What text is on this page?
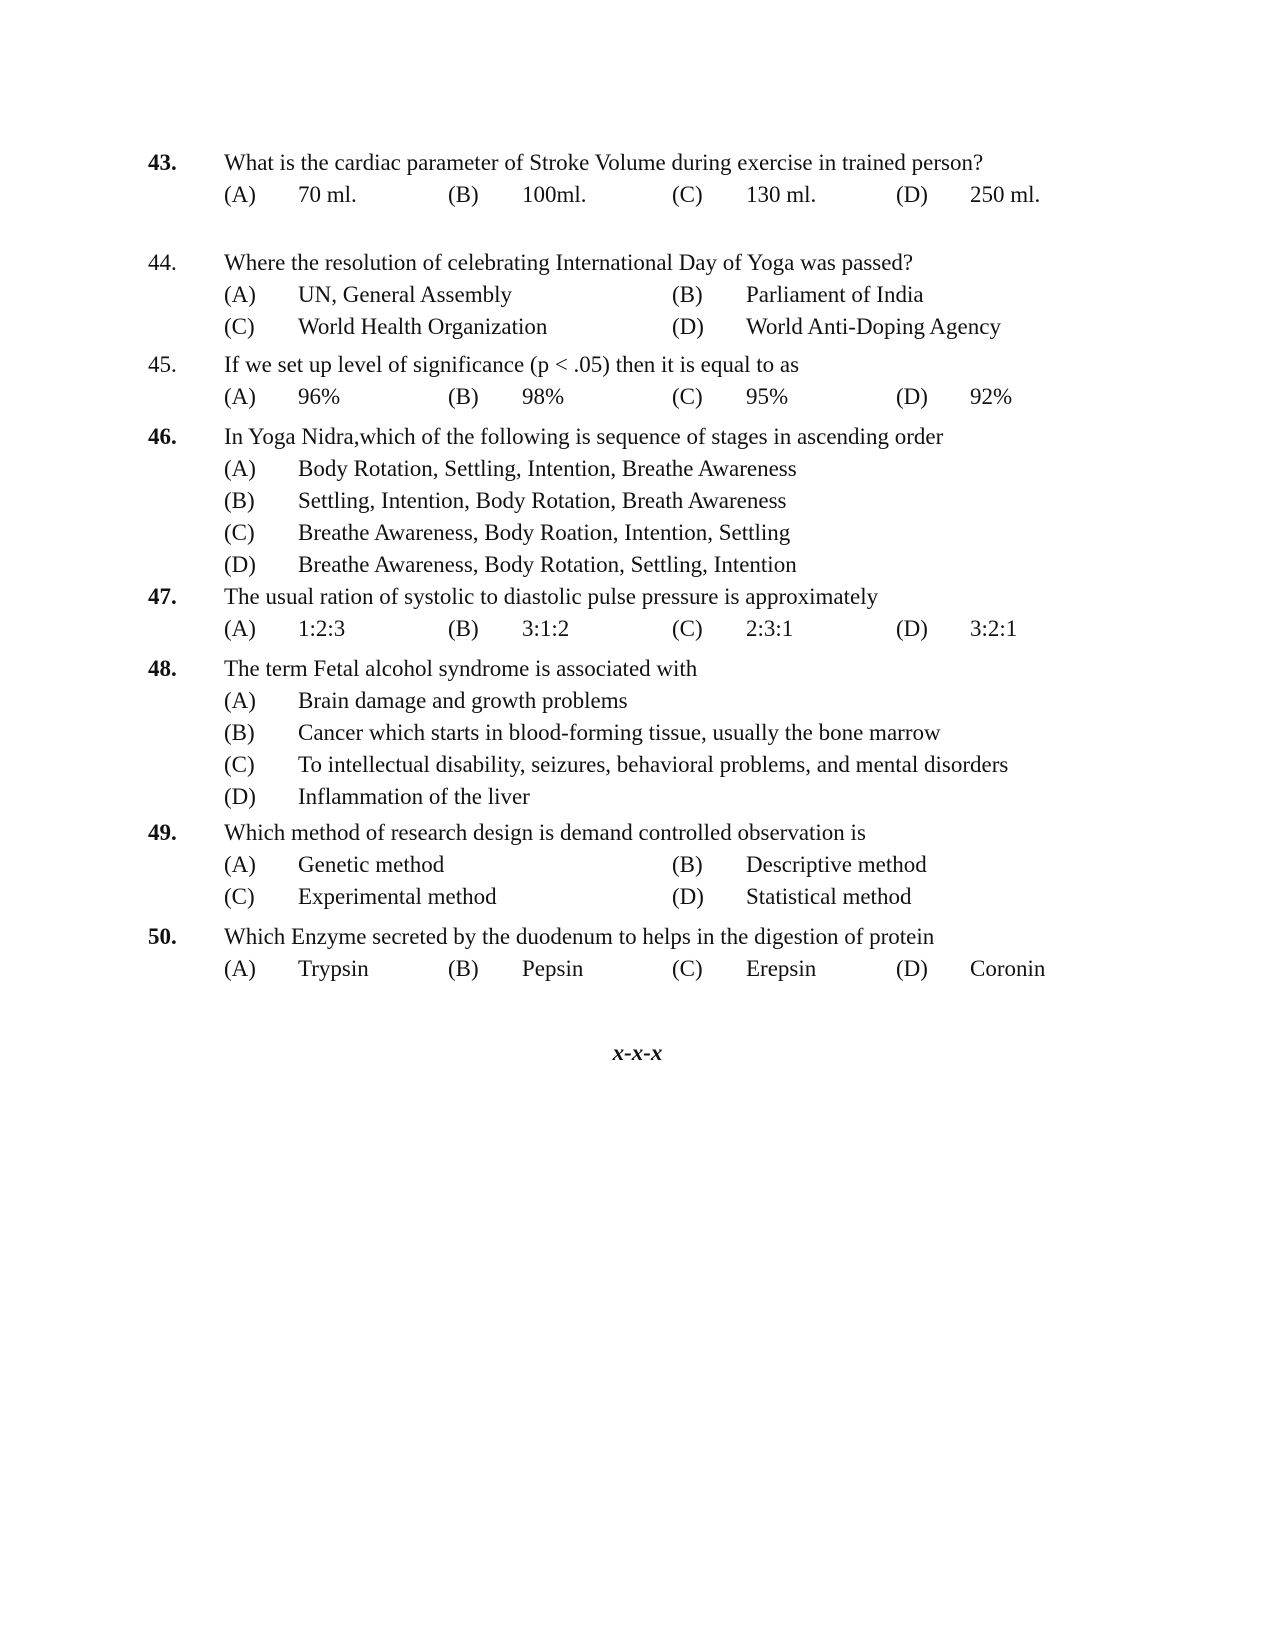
43. What is the cardiac parameter of Stroke Volume during exercise in trained person?
(A) 70 ml.	(B) 100ml.	(C) 130 ml.	(D) 250 ml.
44. Where the resolution of celebrating International Day of Yoga was passed?
(A) UN, General Assembly	(B) Parliament of India
(C) World Health Organization	(D) World Anti-Doping Agency
45. If we set up level of significance (p < .05) then it is equal to as
(A) 96%	(B) 98%	(C) 95%	(D) 92%
46. In Yoga Nidra,which of the following is sequence of stages in ascending order
(A) Body Rotation, Settling, Intention, Breathe Awareness
(B) Settling, Intention, Body Rotation, Breath Awareness
(C) Breathe Awareness, Body Roation, Intention, Settling
(D) Breathe Awareness, Body Rotation, Settling, Intention
47. The usual ration of systolic to diastolic pulse pressure is approximately
(A) 1:2:3	(B) 3:1:2	(C) 2:3:1	(D) 3:2:1
48. The term Fetal alcohol syndrome is associated with
(A) Brain damage and growth problems
(B) Cancer which starts in blood-forming tissue, usually the bone marrow
(C) To intellectual disability, seizures, behavioral problems, and mental disorders
(D) Inflammation of the liver
49. Which method of research design is demand controlled observation is
(A) Genetic method	(B) Descriptive method
(C) Experimental method	(D) Statistical method
50. Which Enzyme secreted by the duodenum to helps in the digestion of protein
(A) Trypsin	(B) Pepsin	(C) Erepsin	(D) Coronin
x-x-x
